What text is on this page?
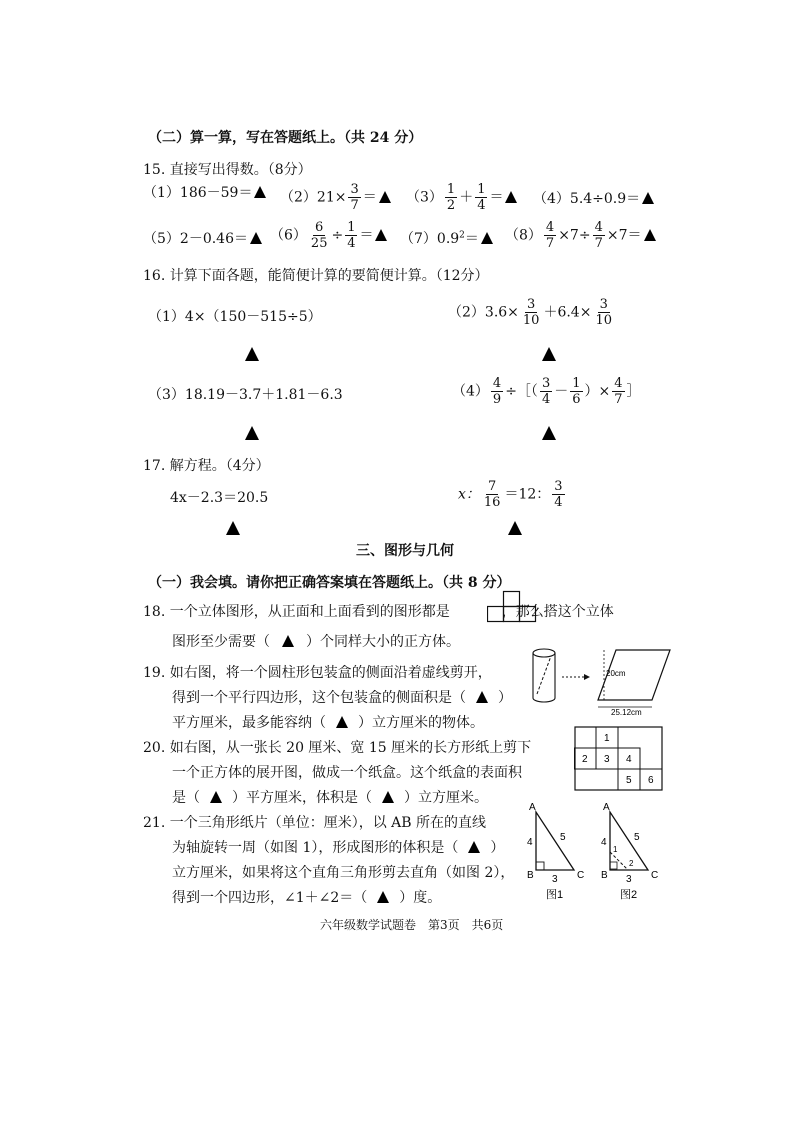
（二）算一算，写在答题纸上。（共 24 分）
15. 直接写出得数。（8分）
（1）186－59＝	$(2)21\times \frac{3}{7}$ ＝	$(3) \frac{1}{2} + \frac{1}{4}$ ＝	（4）5.4÷0.9＝
（5）2－0.46＝	$(6) \frac{6}{25} \div \frac{1}{4}$ ＝	$(7)0.9^2=$	$(8) \frac{4}{7} \times 7\div \frac{4}{7} \times 7=$
16. 计算下面各题，能简便计算的要简便计算。（12分）
（1）4×（150－515÷5）	$(2)3.6\times \frac{3}{10} +6.4\times \frac{3}{10}$
（3）18.19－3.7＋1.81－6.3	$(4) \frac{4}{9}$ ÷［（ $\frac{3}{4} - \frac{1}{6}$ ）× $\frac{4}{7}$ ］
17. 解方程。（4分）
4x－2.3＝20.5	x： $\frac{7}{16} =12$： $\frac{3}{4}$
三、图形与几何
（一）我会填。请你把正确答案填在答题纸上。（共 8 分）
18. 一个立体图形，从正面和上面看到的图形都是	，那么搭这个立体
图形至少需要（	）个同样大小的正方体。
19. 如右图，将一个圆柱形包装盒的侧面沿着虚线剪开，
得到一个平行四边形，这个包装盒的侧面积是（ ）
平方厘米，最多能容纳（ ）立方厘米的物体。
20cm
25.12cm
20. 如右图，从一张长 20 厘米、宽 15 厘米的长方形纸上剪下
一个正方体的展开图，做成一个纸盒。这个纸盒的表面积
是（ ）平方厘米，体积是（ ）立方厘米。
1
2 3 4
5 6
21. 一个三角形纸片（单位：厘米），以 AB 所在的直线
为轴旋转一周（如图 1），形成图形的体积是（ ）
立方厘米，如果将这个直角三角形剪去直角（如图 2），
得到一个四边形，∠1＋∠2＝（ ）度。
A
B	C
4	5
3
图1
A
B	C
4	5
3
1
2
图2
六年级数学试题卷　第3页　共6页
